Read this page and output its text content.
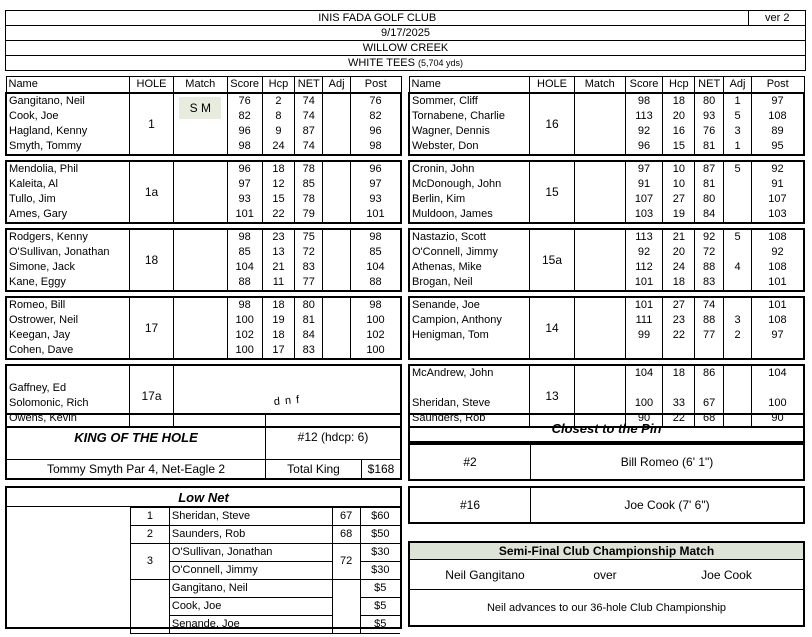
INIS FADA GOLF CLUB	ver 2
9/17/2025
WILLOW CREEK
WHITE TEES (5,704 yds)
Name	HOLE	Match	Score	Hcp	NET	Adj	Post
Gangitano, Neil	1	S M	76	2	74		76
Cook, Joe			82	8	74		82
Hagland, Kenny			96	9	87		96
Smyth, Tommy			98	24	74		98

Mendolia, Phil	1a		96	18	78		96
Kaleita, Al			97	12	85		97
Tullo, Jim			93	15	78		93
Ames, Gary			101	22	79		101

Rodgers, Kenny	18		98	23	75		98
O'Sullivan, Jonathan			85	13	72		85
Simone, Jack			104	21	83		104
Kane, Eggy			88	11	77		88

Romeo, Bill	17		98	18	80		98
Ostrower, Neil			100	19	81		100
Keegan, Jay			102	18	84		102
Cohen, Dave			100	17	83		100

	17a	d n f					

Gaffney, Ed							
Solomonic, Rich							
Owens, Kevin							
Name	HOLE	Match	Score	Hcp	NET	Adj	Post
Sommer, Cliff	16		98	18	80	1	97
Tornabene, Charlie			113	20	93	5	108
Wagner, Dennis			92	16	76	3	89
Webster, Don			96	15	81	1	95

Cronin, John	15		97	10	87	5	92
McDonough, John			91	10	81		91
Berlin, Kim			107	27	80		107
Muldoon, James			103	19	84		103

Nastazio, Scott	15a		113	21	92	5	108
O'Connell, Jimmy			92	20	72		92
Athenas, Mike			112	24	88	4	108
Brogan, Neil			101	18	83		101

Senande, Joe	14		101	27	74		101
Campion, Anthony			111	23	88	3	108
Henigman, Tom			99	22	77	2	97

McAndrew, John	13		104	18	86		104

Sheridan, Steve			100	33	67		100
Saunders, Rob			90	22	68		90
KING OF THE HOLE	#12 (hdcp: 6)
Tommy Smyth Par 4, Net-Eagle 2	Total King	$168
Closest to the Pin
#2	Bill Romeo (6' 1")
#16	Joe Cook (7' 6")
Low Net
1	Sheridan, Steve	67	$60
2	Saunders, Rob	68	$50
3	O'Sullivan, Jonathan	72	$30
	O'Connell, Jimmy		$30
	Gangitano, Neil		$5
	Cook, Joe		$5
	Senande, Joe		$5
Semi-Final Club Championship Match
Neil Gangitano	over	Joe Cook
Neil advances to our 36-hole Club Championship
